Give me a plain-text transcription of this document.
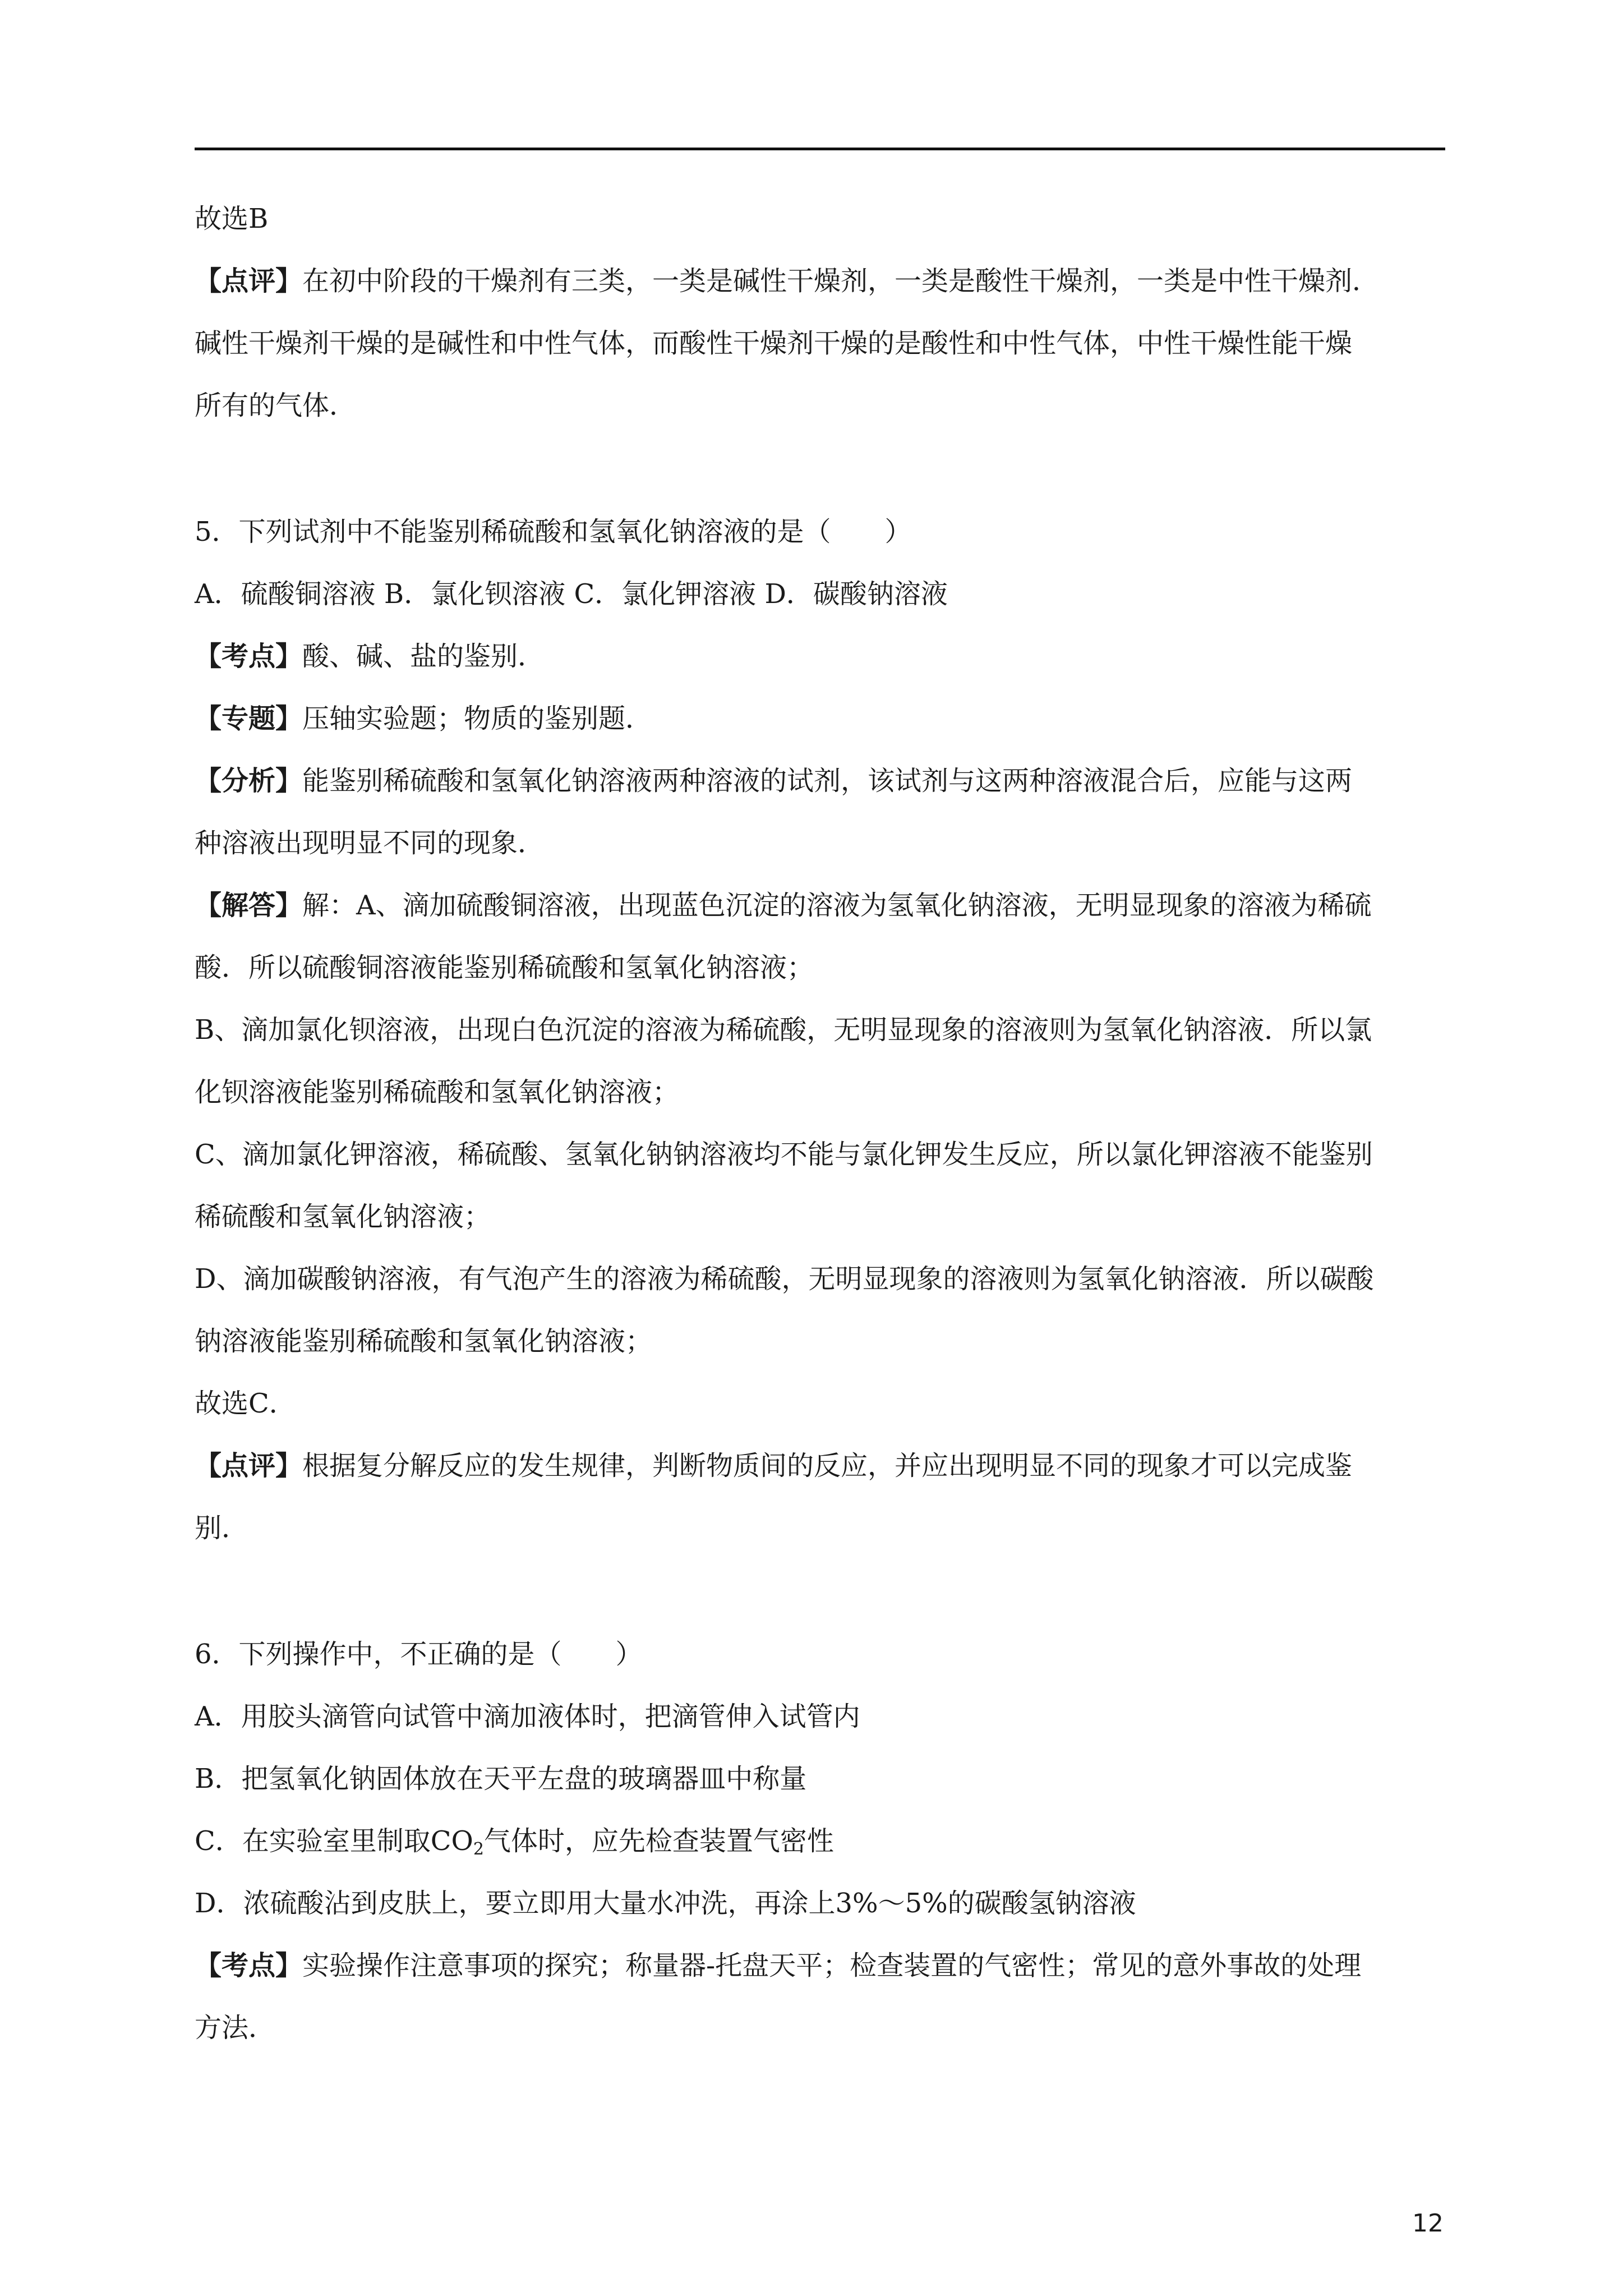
故选B

【点评】在初中阶段的干燥剂有三类，一类是碱性干燥剂，一类是酸性干燥剂，一类是中性干燥剂．

碱性干燥剂干燥的是碱性和中性气体，而酸性干燥剂干燥的是酸性和中性气体，中性干燥性能干燥

所有的气体．

5．下列试剂中不能鉴别稀硫酸和氢氧化钠溶液的是（　　）

A．硫酸铜溶液 B．氯化钡溶液 C．氯化钾溶液 D．碳酸钠溶液

【考点】酸、碱、盐的鉴别．

【专题】压轴实验题；物质的鉴别题．

【分析】能鉴别稀硫酸和氢氧化钠溶液两种溶液的试剂，该试剂与这两种溶液混合后，应能与这两

种溶液出现明显不同的现象．

【解答】解：A、滴加硫酸铜溶液，出现蓝色沉淀的溶液为氢氧化钠溶液，无明显现象的溶液为稀硫

酸．所以硫酸铜溶液能鉴别稀硫酸和氢氧化钠溶液；

B、滴加氯化钡溶液，出现白色沉淀的溶液为稀硫酸，无明显现象的溶液则为氢氧化钠溶液．所以氯

化钡溶液能鉴别稀硫酸和氢氧化钠溶液；

C、滴加氯化钾溶液，稀硫酸、氢氧化钠钠溶液均不能与氯化钾发生反应，所以氯化钾溶液不能鉴别

稀硫酸和氢氧化钠溶液；

D、滴加碳酸钠溶液，有气泡产生的溶液为稀硫酸，无明显现象的溶液则为氢氧化钠溶液．所以碳酸

钠溶液能鉴别稀硫酸和氢氧化钠溶液；

故选C．

【点评】根据复分解反应的发生规律，判断物质间的反应，并应出现明显不同的现象才可以完成鉴

别．

6．下列操作中，不正确的是（　　）

A．用胶头滴管向试管中滴加液体时，把滴管伸入试管内

B．把氢氧化钠固体放在天平左盘的玻璃器皿中称量

C．在实验室里制取$CO_2$气体时，应先检查装置气密性

D．浓硫酸沾到皮肤上，要立即用大量水冲洗，再涂上3%～5%的碳酸氢钠溶液

【考点】实验操作注意事项的探究；称量器-托盘天平；检查装置的气密性；常见的意外事故的处理

方法．

12
